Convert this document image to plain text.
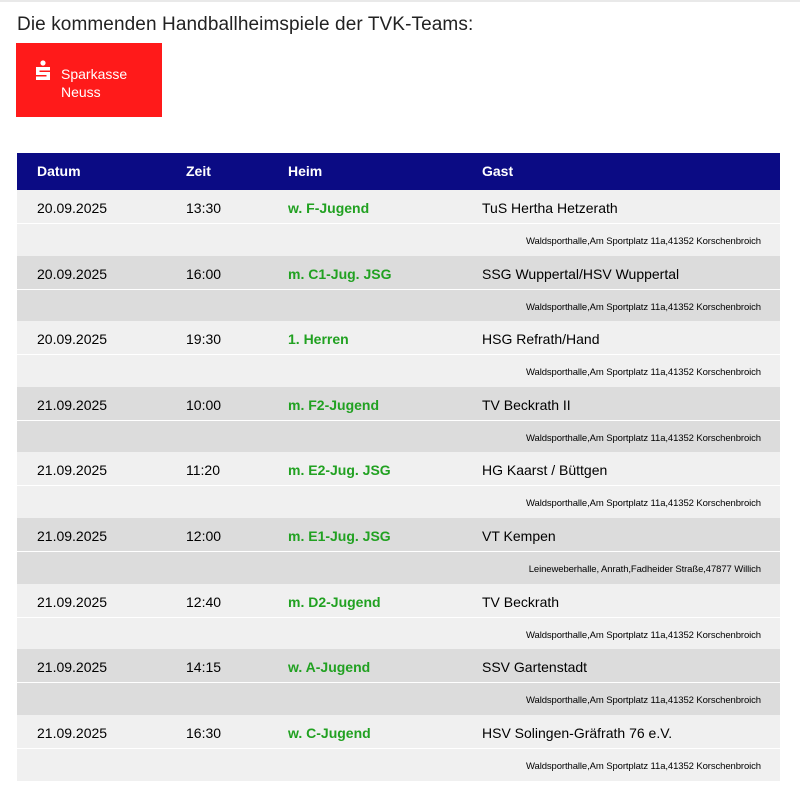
Die kommenden Handballheimspiele der TVK-Teams:
Sparkasse
Neuss
Datum	Zeit	Heim	Gast
20.09.2025	13:30	w. F-Jugend	TuS Hertha Hetzerath
Waldsporthalle,Am Sportplatz 11a,41352 Korschenbroich
20.09.2025	16:00	m. C1-Jug. JSG	SSG Wuppertal/HSV Wuppertal
Waldsporthalle,Am Sportplatz 11a,41352 Korschenbroich
20.09.2025	19:30	1. Herren	HSG Refrath/Hand
Waldsporthalle,Am Sportplatz 11a,41352 Korschenbroich
21.09.2025	10:00	m. F2-Jugend	TV Beckrath II
Waldsporthalle,Am Sportplatz 11a,41352 Korschenbroich
21.09.2025	11:20	m. E2-Jug. JSG	HG Kaarst / Büttgen
Waldsporthalle,Am Sportplatz 11a,41352 Korschenbroich
21.09.2025	12:00	m. E1-Jug. JSG	VT Kempen
Leineweberhalle, Anrath,Fadheider Straße,47877 Willich
21.09.2025	12:40	m. D2-Jugend	TV Beckrath
Waldsporthalle,Am Sportplatz 11a,41352 Korschenbroich
21.09.2025	14:15	w. A-Jugend	SSV Gartenstadt
Waldsporthalle,Am Sportplatz 11a,41352 Korschenbroich
21.09.2025	16:30	w. C-Jugend	HSV Solingen-Gräfrath 76 e.V.
Waldsporthalle,Am Sportplatz 11a,41352 Korschenbroich
